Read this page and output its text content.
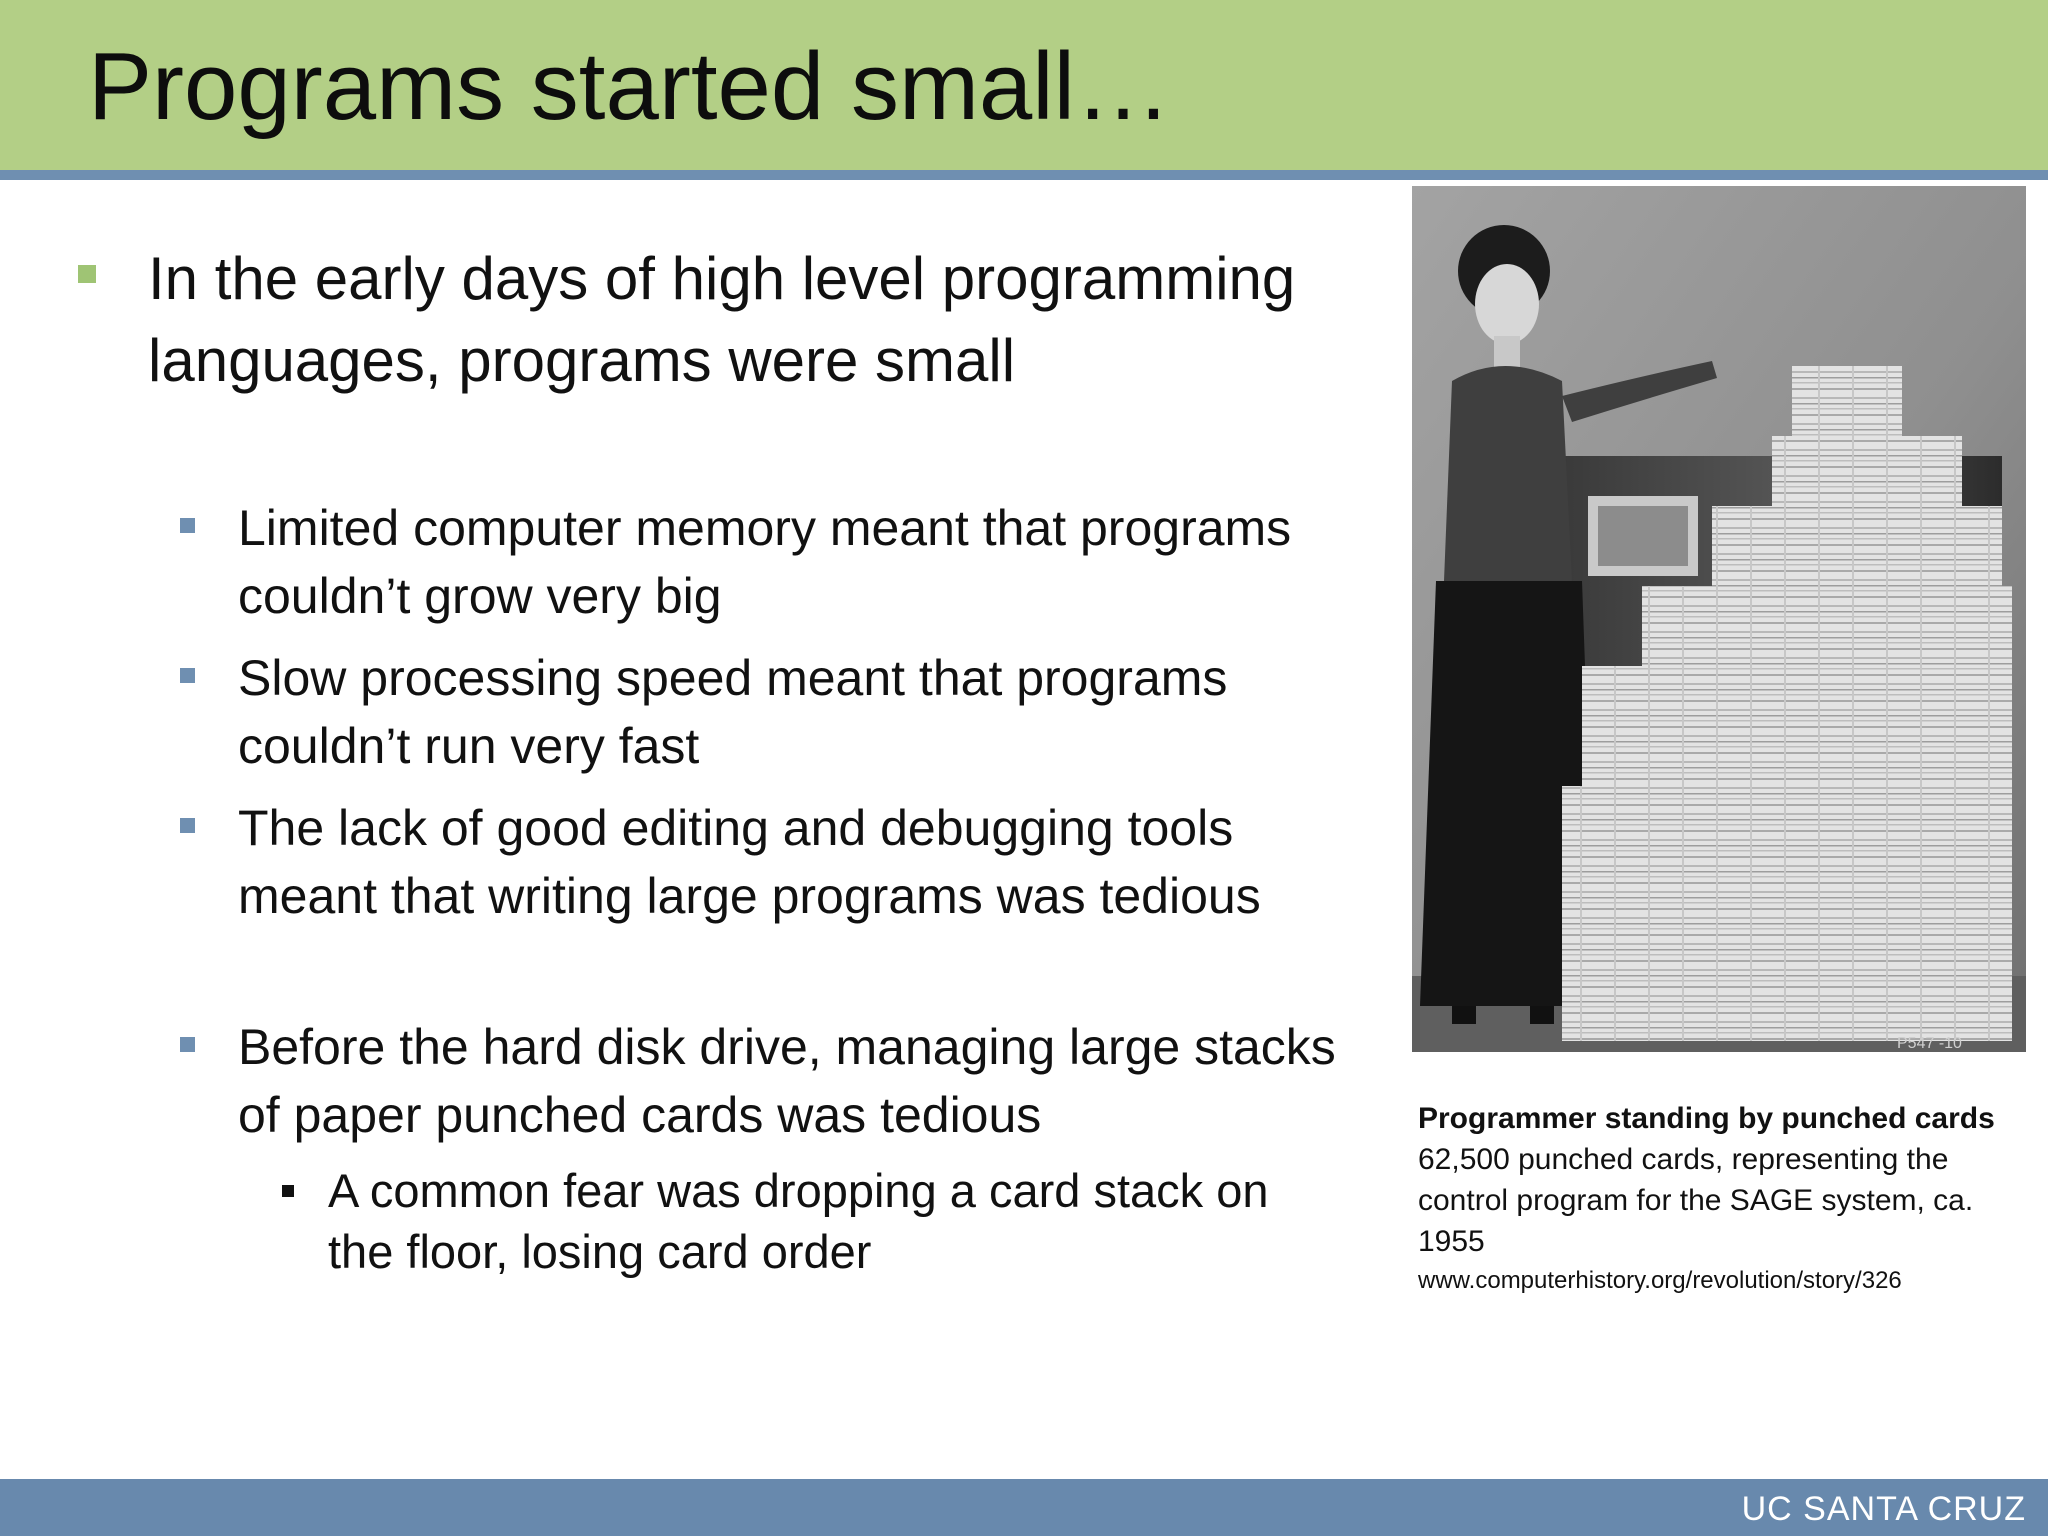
Programs started small…

In the early days of high level programming languages, programs were small

Limited computer memory meant that programs couldn’t grow very big

Slow processing speed meant that programs couldn’t run very fast

The lack of good editing and debugging tools meant that writing large programs was tedious

Before the hard disk drive, managing large stacks of paper punched cards was tedious

A common fear was dropping a card stack on the floor, losing card order

P547 -10

Programmer standing by punched cards

62,500 punched cards, representing the control program for the SAGE system, ca. 1955

www.computerhistory.org/revolution/story/326

UC SANTA CRUZ
